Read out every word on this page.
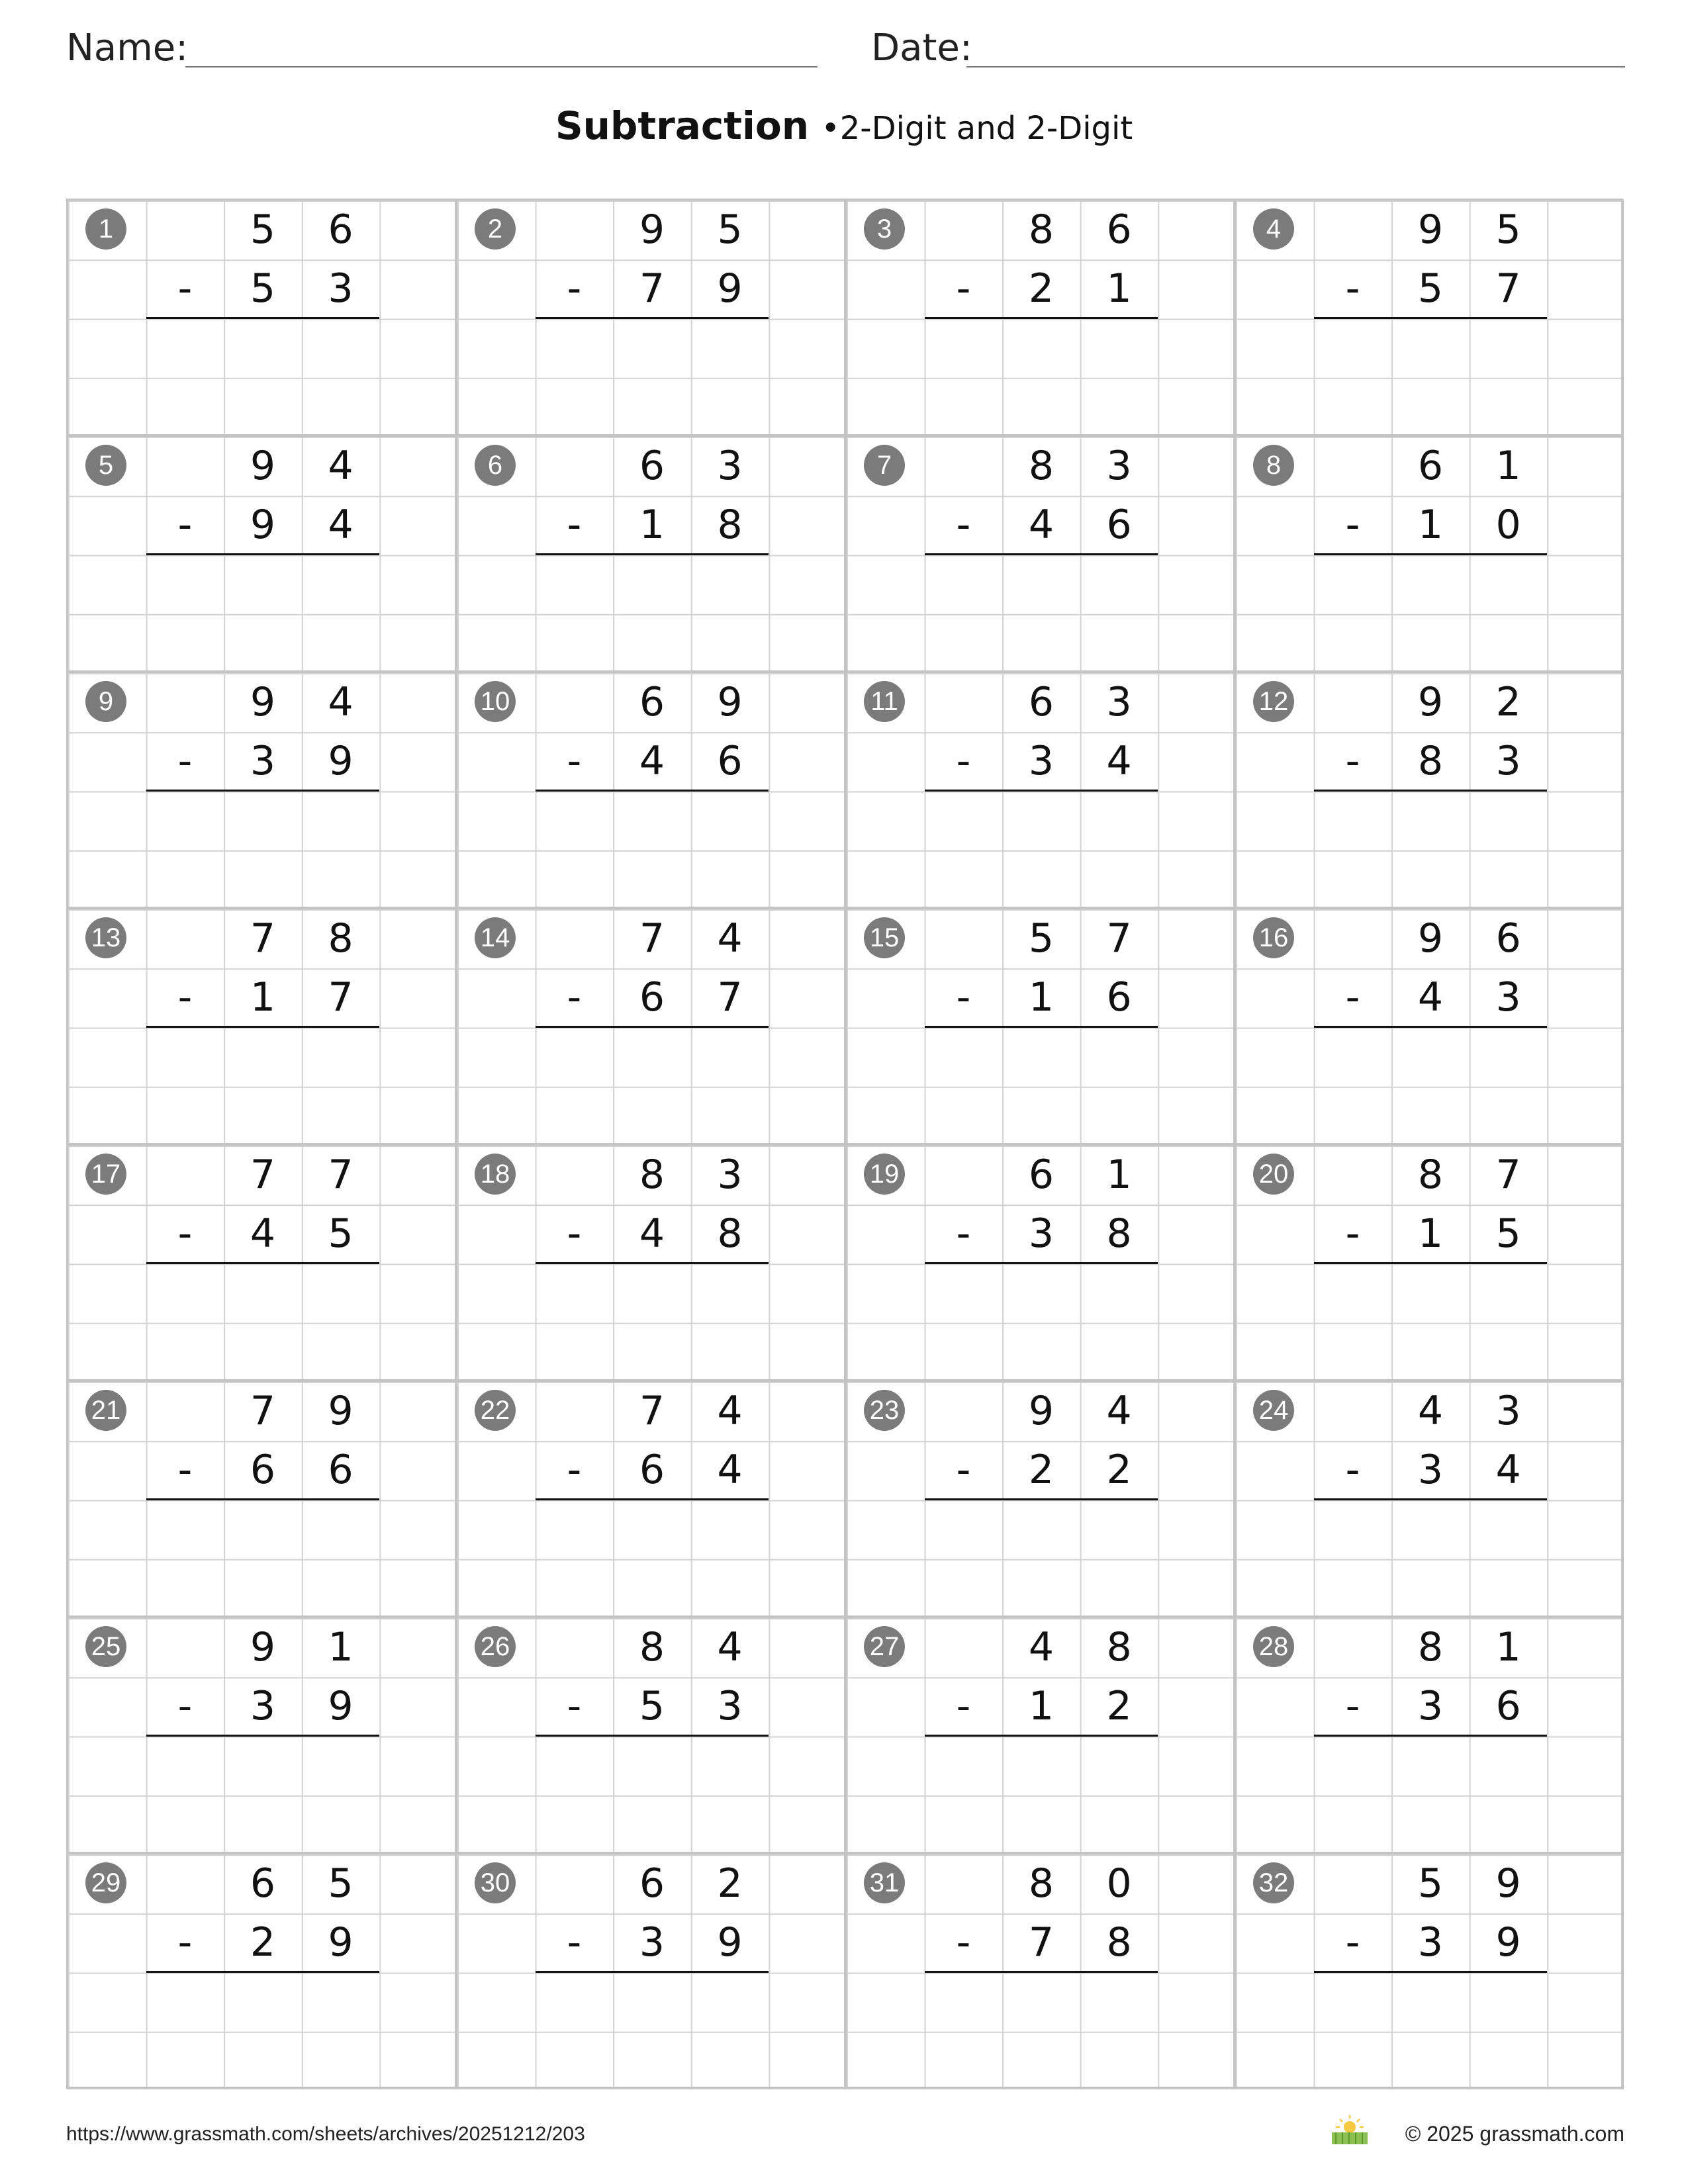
Name:	Date:
Subtraction •2-Digit and 2-Digit
1	5	6
-	5	3
2	9	5
-	7	9
3	8	6
-	2	1
4	9	5
-	5	7
5	9	4
-	9	4
6	6	3
-	1	8
7	8	3
-	4	6
8	6	1
-	1	0
9	9	4
-	3	9
10	6	9
-	4	6
11	6	3
-	3	4
12	9	2
-	8	3
13	7	8
-	1	7
14	7	4
-	6	7
15	5	7
-	1	6
16	9	6
-	4	3
17	7	7
-	4	5
18	8	3
-	4	8
19	6	1
-	3	8
20	8	7
-	1	5
21	7	9
-	6	6
22	7	4
-	6	4
23	9	4
-	2	2
24	4	3
-	3	4
25	9	1
-	3	9
26	8	4
-	5	3
27	4	8
-	1	2
28	8	1
-	3	6
29	6	5
-	2	9
30	6	2
-	3	9
31	8	0
-	7	8
32	5	9
-	3	9
https://www.grassmath.com/sheets/archives/20251212/203	© 2025 grassmath.com
